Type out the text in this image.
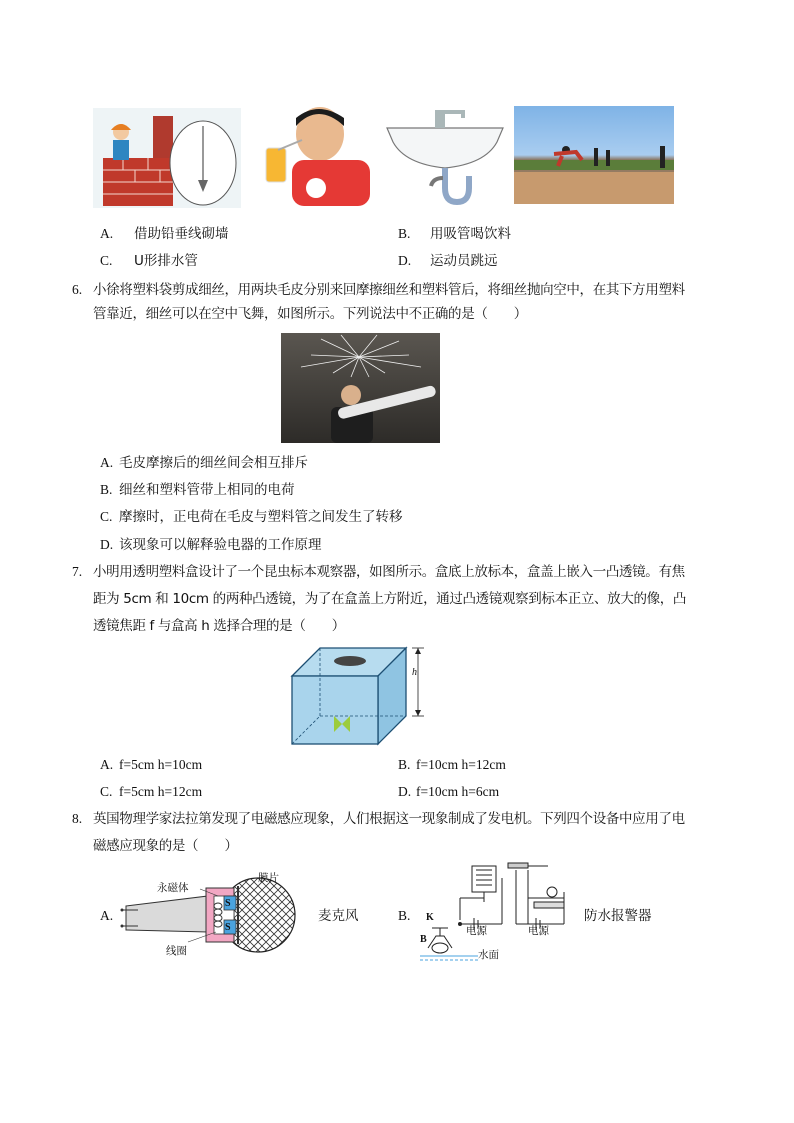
A. 借助铅垂线砌墙	B. 用吸管喝饮料
C. U形排水管	D. 运动员跳远
6. 小徐将塑料袋剪成细丝，用两块毛皮分别来回摩擦细丝和塑料管后，将细丝抛向空中，在其下方用塑料
管靠近，细丝可以在空中飞舞，如图所示。下列说法中不正确的是（　　）
A. 毛皮摩擦后的细丝间会相互排斥
B. 细丝和塑料管带上相同的电荷
C. 摩擦时，正电荷在毛皮与塑料管之间发生了转移
D. 该现象可以解释验电器的工作原理
7. 小明用透明塑料盒设计了一个昆虫标本观察器，如图所示。盒底上放标本，盒盖上嵌入一凸透镜。有焦
距为 5cm 和 10cm 的两种凸透镜，为了在盒盖上方附近，通过凸透镜观察到标本正立、放大的像，凸
透镜焦距 f 与盒高 h 选择合理的是（　　）
h
A. f=5cm h=10cm	B. f=10cm h=12cm
C. f=5cm h=12cm	D. f=10cm h=6cm
8. 英国物理学家法拉第发现了电磁感应现象，人们根据这一现象制成了发电机。下列四个设备中应用了电
磁感应现象的是（　　）
A.
永磁体
膜片
线圈
S
S
麦克风	B. K
B
电源	电源
水面
防水报警器
